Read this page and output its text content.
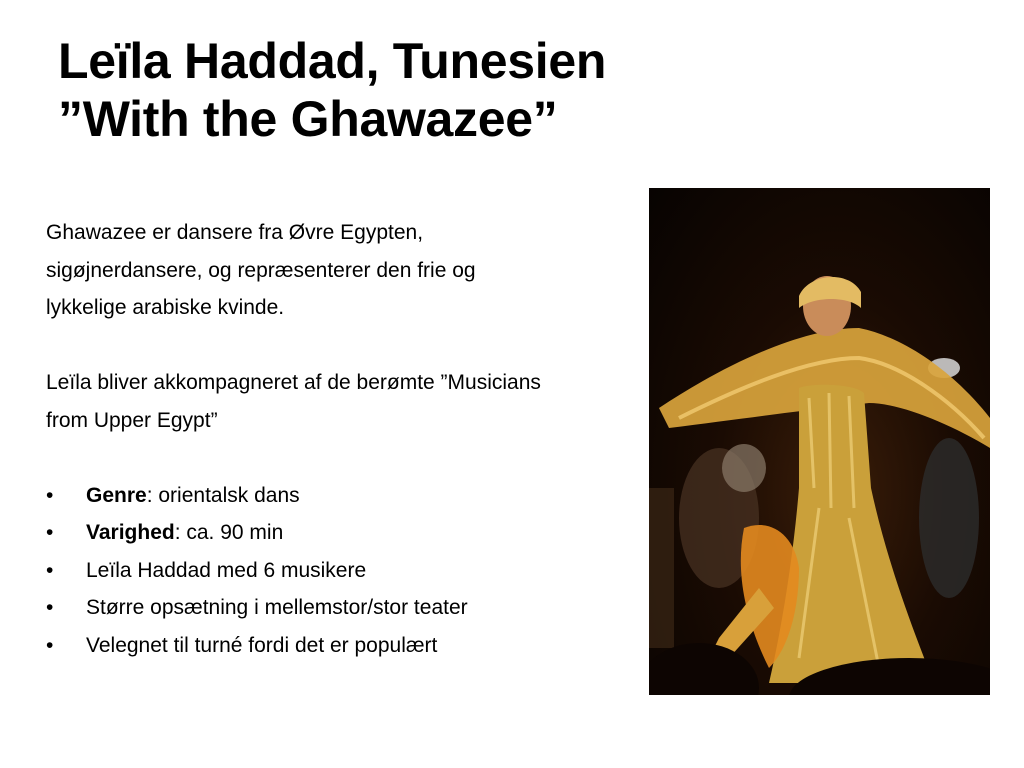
Leïla Haddad, Tunesien
”With the Ghawazee”

Ghawazee er dansere fra Øvre Egypten,
sigøjnerdansere, og repræsenterer den frie og
lykkelige arabiske kvinde.

Leïla bliver akkompagneret af de berømte ”Musicians
from Upper Egypt”

• Genre: orientalsk dans
• Varighed: ca. 90 min
• Leïla Haddad med 6 musikere
• Større opsætning i mellemstor/stor teater
• Velegnet til turné fordi det er populært
